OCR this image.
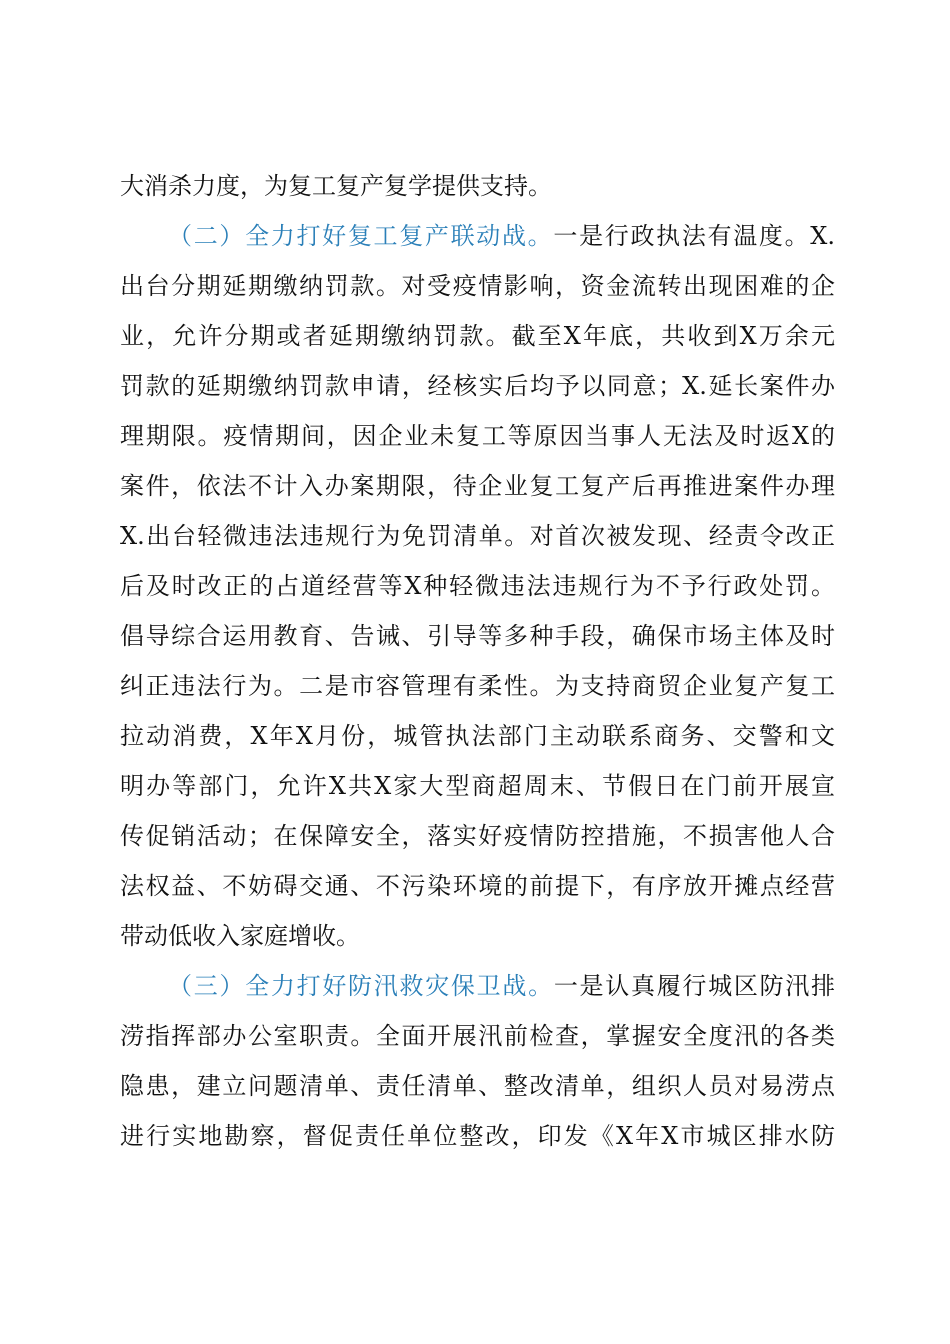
大消杀力度，为复工复产复学提供支持。
（二）全力打好复工复产联动战。一是行政执法有温度。X.
出台分期延期缴纳罚款。对受疫情影响，资金流转出现困难的企
业，允许分期或者延期缴纳罚款。截至X年底，共收到X万余元
罚款的延期缴纳罚款申请，经核实后均予以同意；X.延长案件办
理期限。疫情期间，因企业未复工等原因当事人无法及时返X的
案件，依法不计入办案期限，待企业复工复产后再推进案件办理
X.出台轻微违法违规行为免罚清单。对首次被发现、经责令改正
后及时改正的占道经营等X种轻微违法违规行为不予行政处罚。
倡导综合运用教育、告诫、引导等多种手段，确保市场主体及时
纠正违法行为。二是市容管理有柔性。为支持商贸企业复产复工
拉动消费，X年X月份，城管执法部门主动联系商务、交警和文
明办等部门，允许X共X家大型商超周末、节假日在门前开展宣
传促销活动；在保障安全，落实好疫情防控措施，不损害他人合
法权益、不妨碍交通、不污染环境的前提下，有序放开摊点经营
带动低收入家庭增收。
（三）全力打好防汛救灾保卫战。一是认真履行城区防汛排
涝指挥部办公室职责。全面开展汛前检查，掌握安全度汛的各类
隐患，建立问题清单、责任清单、整改清单，组织人员对易涝点
进行实地勘察，督促责任单位整改，印发《X年X市城区排水防
